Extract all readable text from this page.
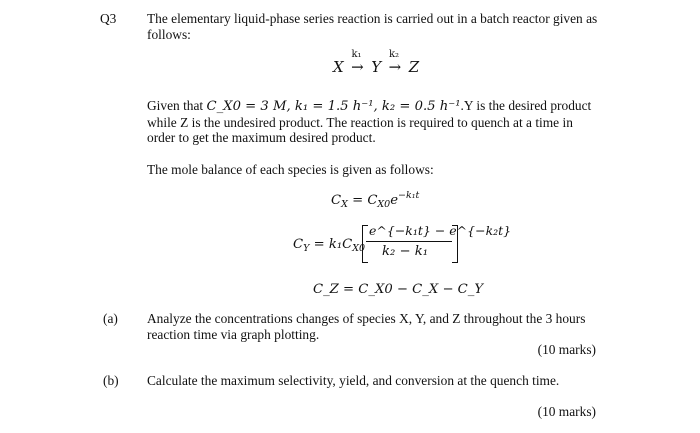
Q3 The elementary liquid-phase series reaction is carried out in a batch reactor given as follows:
X
k₁
→ Y
k₂
→ Z
Given that C_X0 = 3 M, k₁ = 1.5 h⁻¹, k₂ = 0.5 h⁻¹.Y is the desired product while Z is the undesired product. The reaction is required to quench at a time in order to get the maximum desired product.
The mole balance of each species is given as follows:
$C_X = C_{X0}e^{-k_1t}$
$C_Y = k_1C_{X0}$
e^{−k₁t} − e^{−k₂t}
k₂ − k₁
C_Z = C_X0 − C_X − C_Y
(a) Analyze the concentrations changes of species X, Y, and Z throughout the 3 hours reaction time via graph plotting.
(10 marks)
(b) Calculate the maximum selectivity, yield, and conversion at the quench time.
(10 marks)
